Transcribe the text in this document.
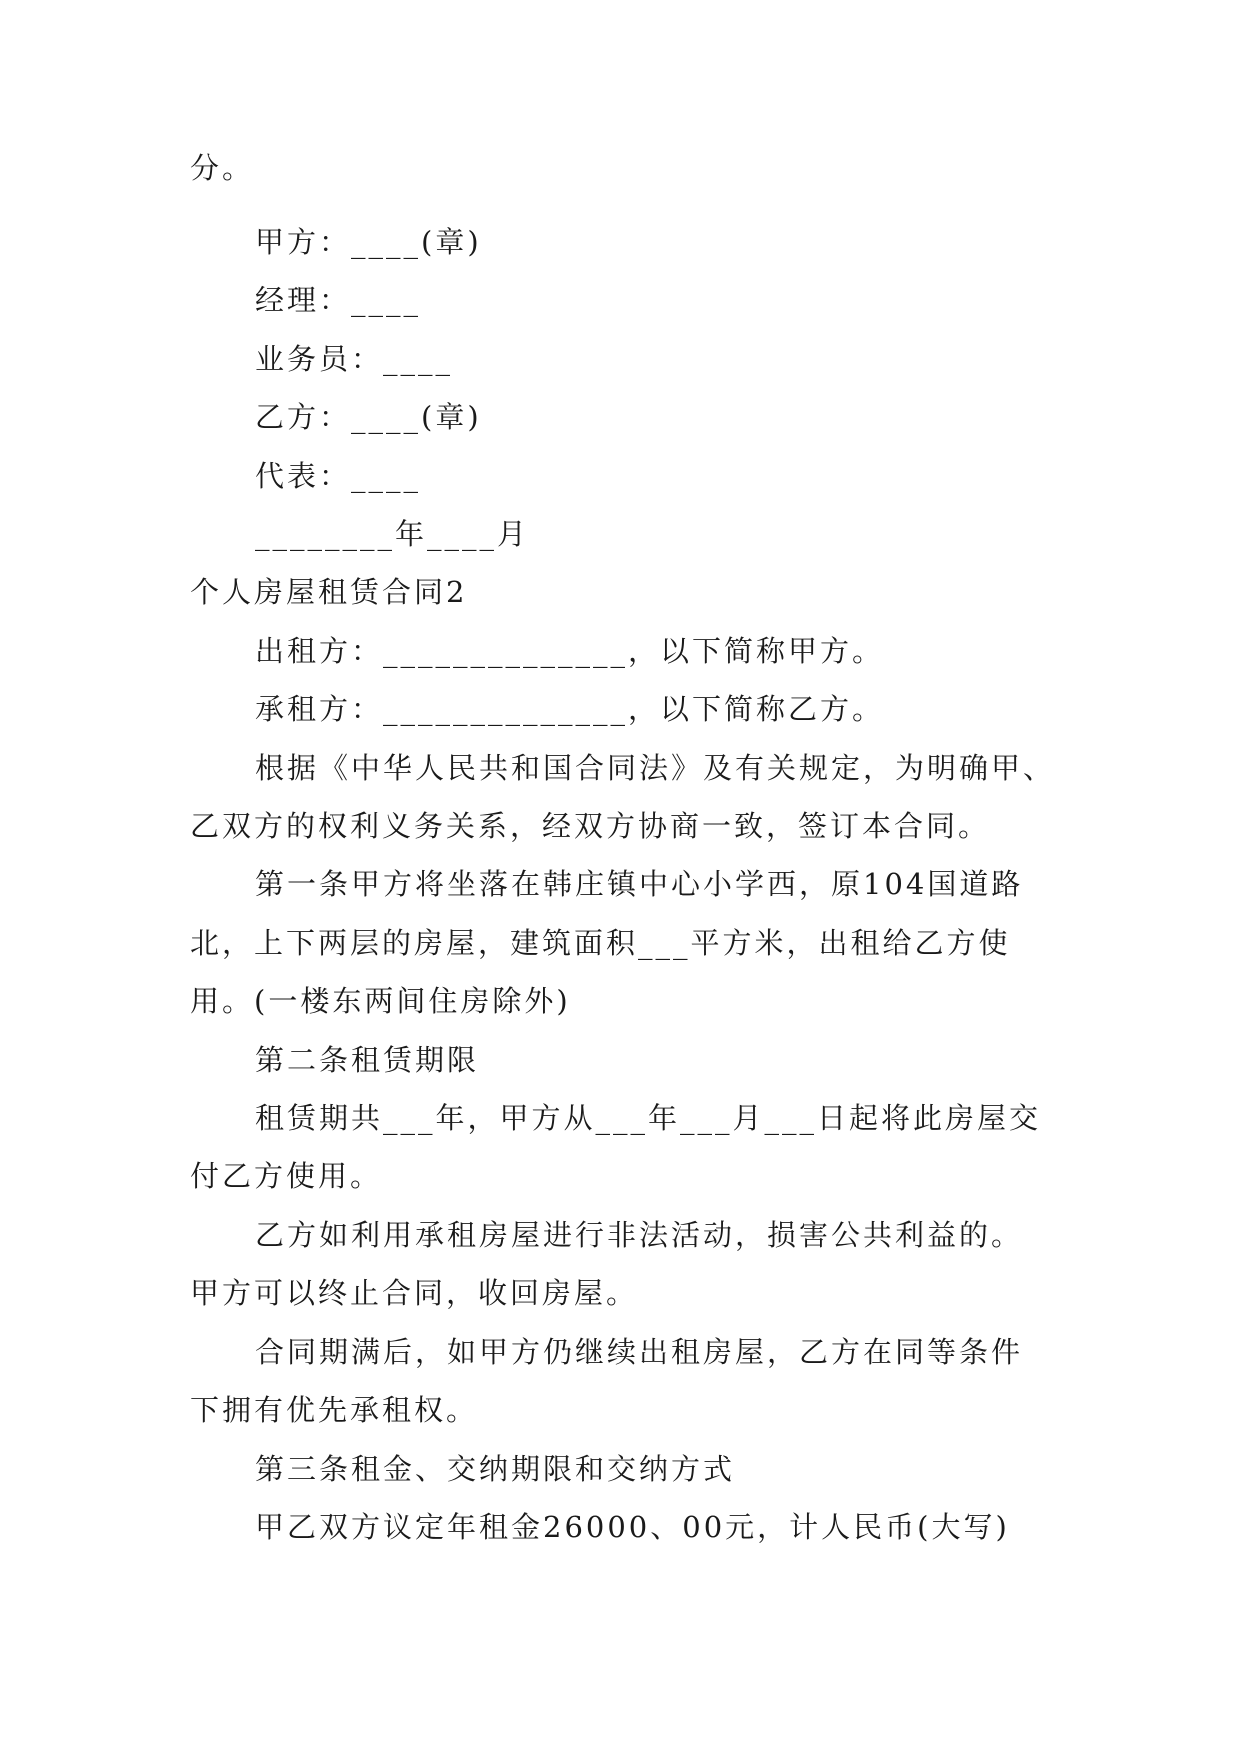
分。
甲方：____(章)
经理：____
业务员：____
乙方：____(章)
代表：____
________年____月
个人房屋租赁合同2
出租方：______________，以下简称甲方。
承租方：______________，以下简称乙方。
根据《中华人民共和国合同法》及有关规定，为明确甲、
乙双方的权利义务关系，经双方协商一致，签订本合同。
第一条甲方将坐落在韩庄镇中心小学西，原104国道路
北，上下两层的房屋，建筑面积___平方米，出租给乙方使
用。(一楼东两间住房除外)
第二条租赁期限
租赁期共___年，甲方从___年___月___日起将此房屋交
付乙方使用。
乙方如利用承租房屋进行非法活动，损害公共利益的。
甲方可以终止合同，收回房屋。
合同期满后，如甲方仍继续出租房屋，乙方在同等条件
下拥有优先承租权。
第三条租金、交纳期限和交纳方式
甲乙双方议定年租金26000、00元，计人民币(大写)
